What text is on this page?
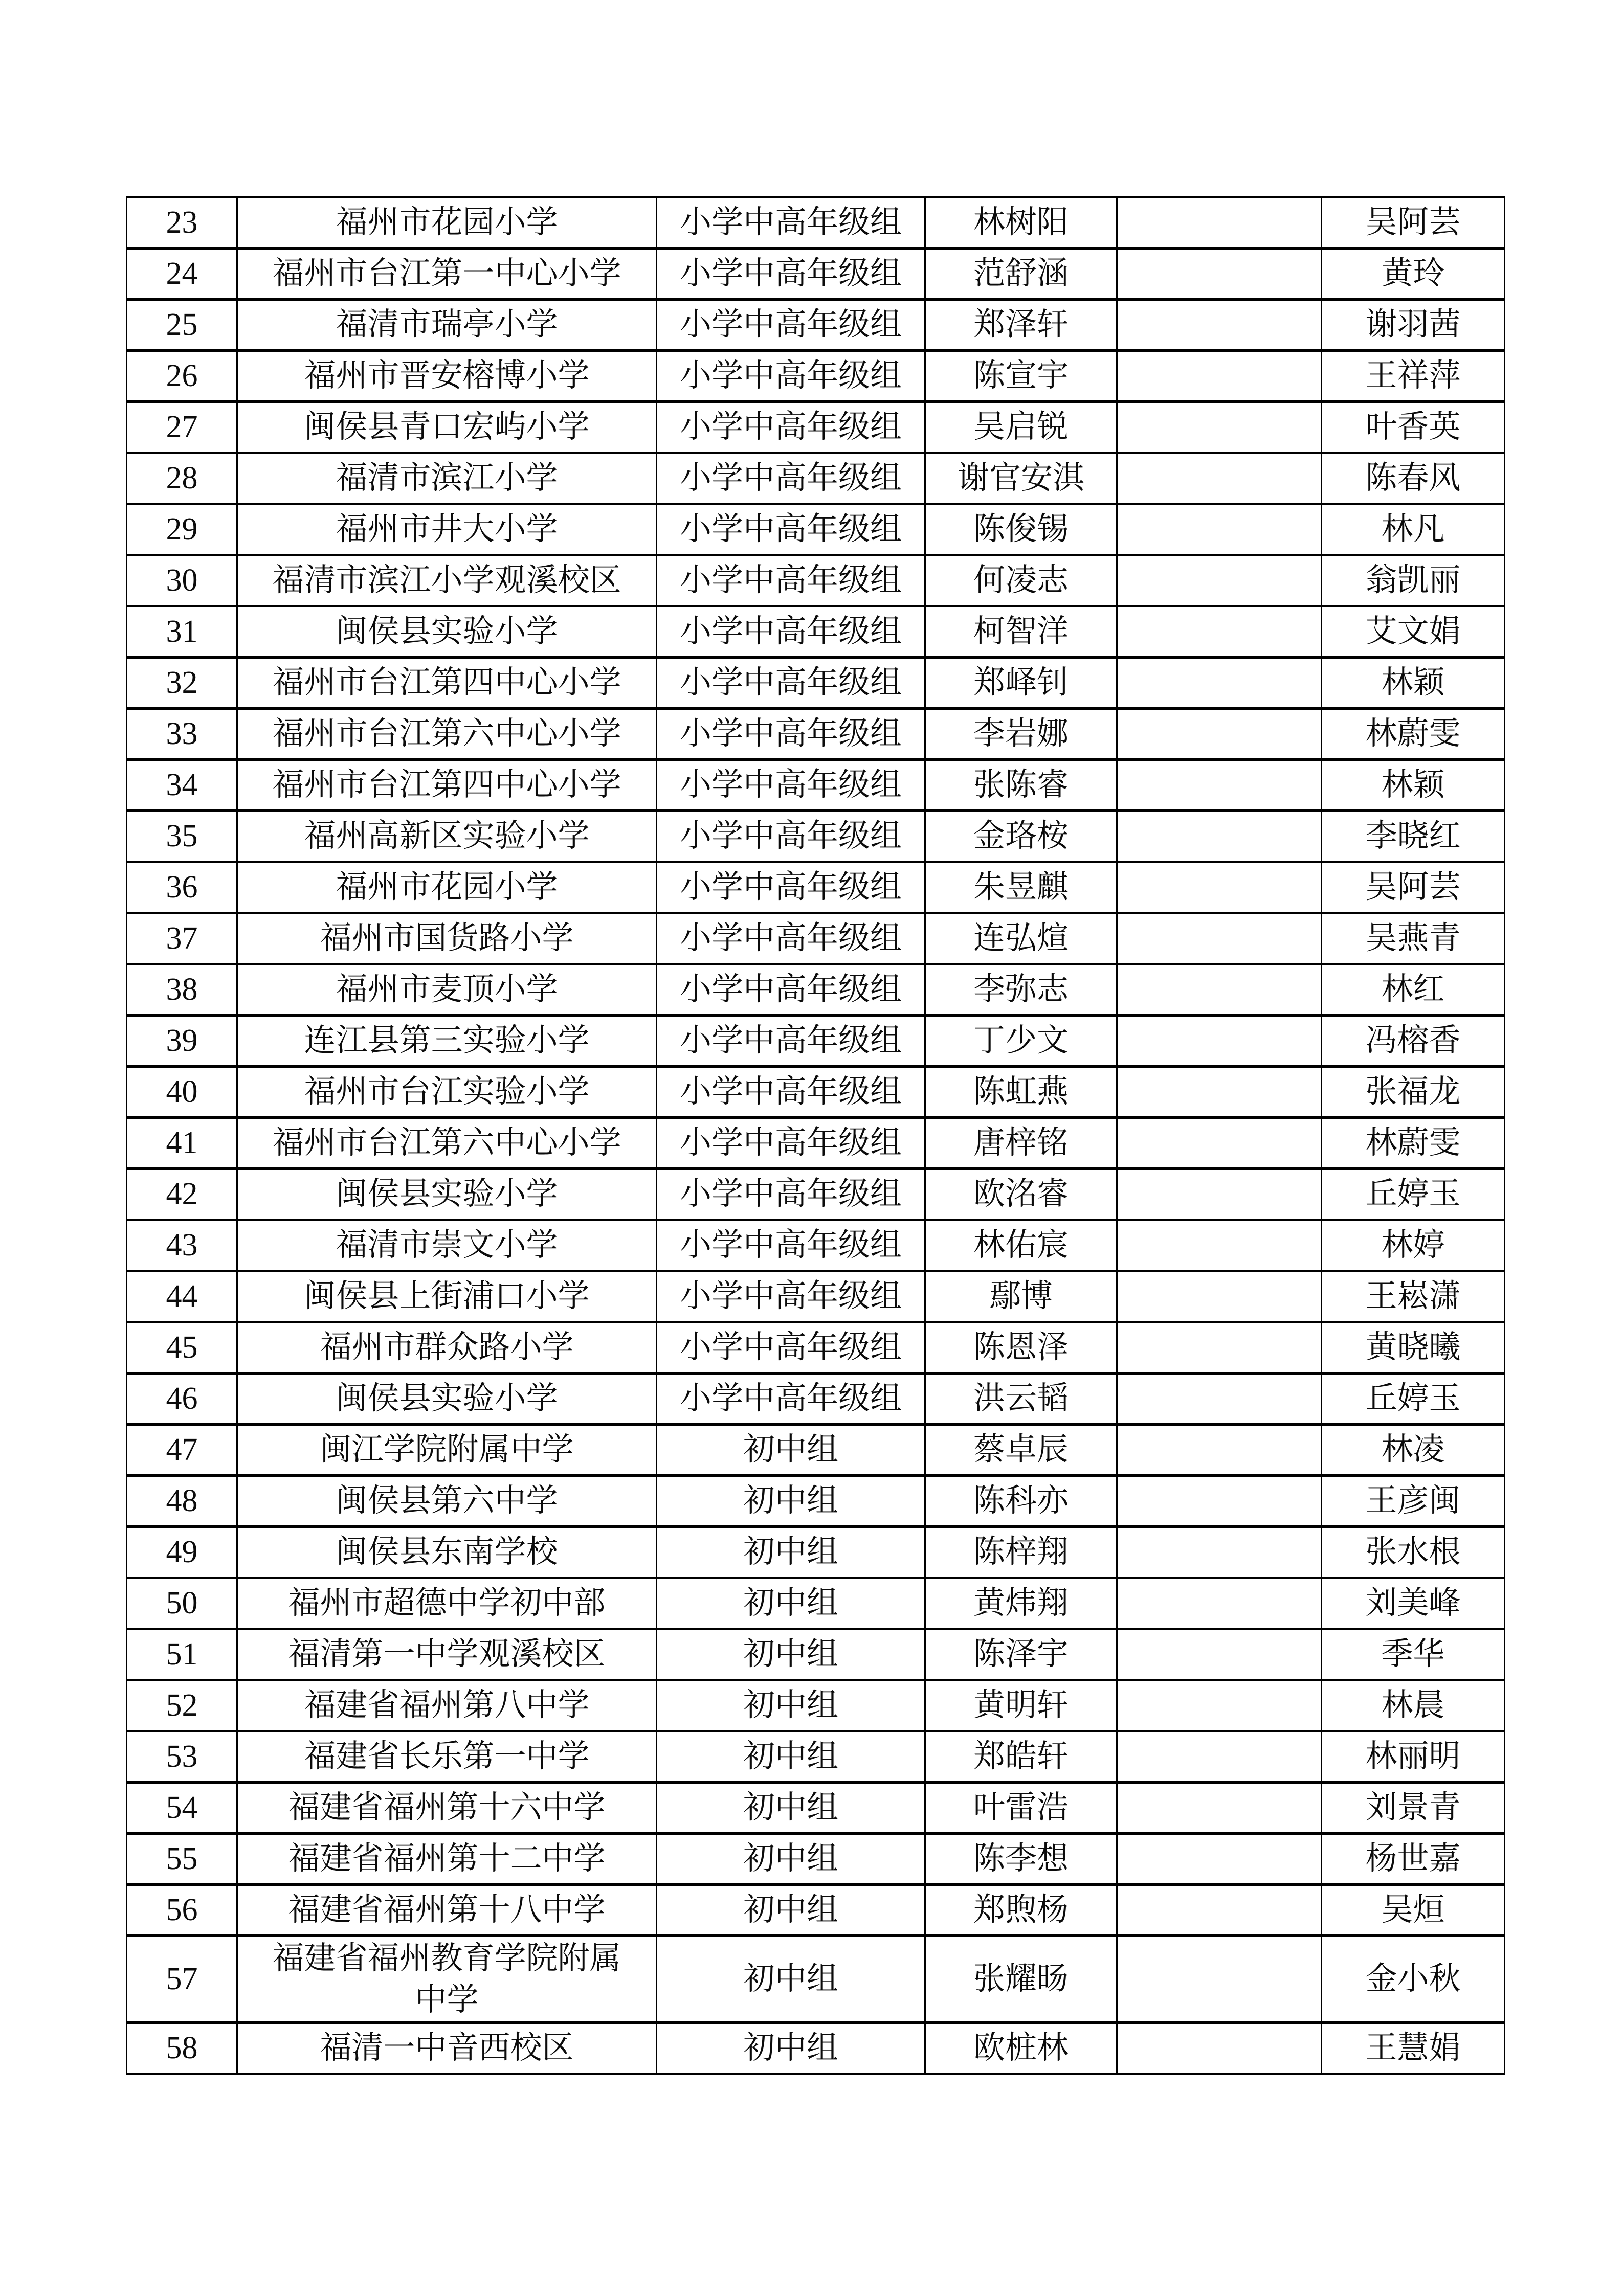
23	福州市花园小学	小学中高年级组	林树阳		吴阿芸
24	福州市台江第一中心小学	小学中高年级组	范舒涵		黄玲
25	福清市瑞亭小学	小学中高年级组	郑泽轩		谢羽茜
26	福州市晋安榕博小学	小学中高年级组	陈宣宇		王祥萍
27	闽侯县青口宏屿小学	小学中高年级组	吴启锐		叶香英
28	福清市滨江小学	小学中高年级组	谢官安淇		陈春风
29	福州市井大小学	小学中高年级组	陈俊锡		林凡
30	福清市滨江小学观溪校区	小学中高年级组	何凌志		翁凯丽
31	闽侯县实验小学	小学中高年级组	柯智洋		艾文娟
32	福州市台江第四中心小学	小学中高年级组	郑峄钊		林颖
33	福州市台江第六中心小学	小学中高年级组	李岩娜		林蔚雯
34	福州市台江第四中心小学	小学中高年级组	张陈睿		林颖
35	福州高新区实验小学	小学中高年级组	金珞桉		李晓红
36	福州市花园小学	小学中高年级组	朱昱麒		吴阿芸
37	福州市国货路小学	小学中高年级组	连弘煊		吴燕青
38	福州市麦顶小学	小学中高年级组	李弥志		林红
39	连江县第三实验小学	小学中高年级组	丁少文		冯榕香
40	福州市台江实验小学	小学中高年级组	陈虹燕		张福龙
41	福州市台江第六中心小学	小学中高年级组	唐梓铭		林蔚雯
42	闽侯县实验小学	小学中高年级组	欧洺睿		丘婷玉
43	福清市崇文小学	小学中高年级组	林佑宸		林婷
44	闽侯县上街浦口小学	小学中高年级组	鄢博		王崧潇
45	福州市群众路小学	小学中高年级组	陈恩泽		黄晓曦
46	闽侯县实验小学	小学中高年级组	洪云韬		丘婷玉
47	闽江学院附属中学	初中组	蔡卓辰		林凌
48	闽侯县第六中学	初中组	陈科亦		王彦闽
49	闽侯县东南学校	初中组	陈梓翔		张水根
50	福州市超德中学初中部	初中组	黄炜翔		刘美峰
51	福清第一中学观溪校区	初中组	陈泽宇		季华
52	福建省福州第八中学	初中组	黄明轩		林晨
53	福建省长乐第一中学	初中组	郑皓轩		林丽明
54	福建省福州第十六中学	初中组	叶雷浩		刘景青
55	福建省福州第十二中学	初中组	陈李想		杨世嘉
56	福建省福州第十八中学	初中组	郑煦杨		吴烜
57	福建省福州教育学院附属中学	初中组	张耀旸		金小秋
58	福清一中音西校区	初中组	欧桩林		王慧娟
